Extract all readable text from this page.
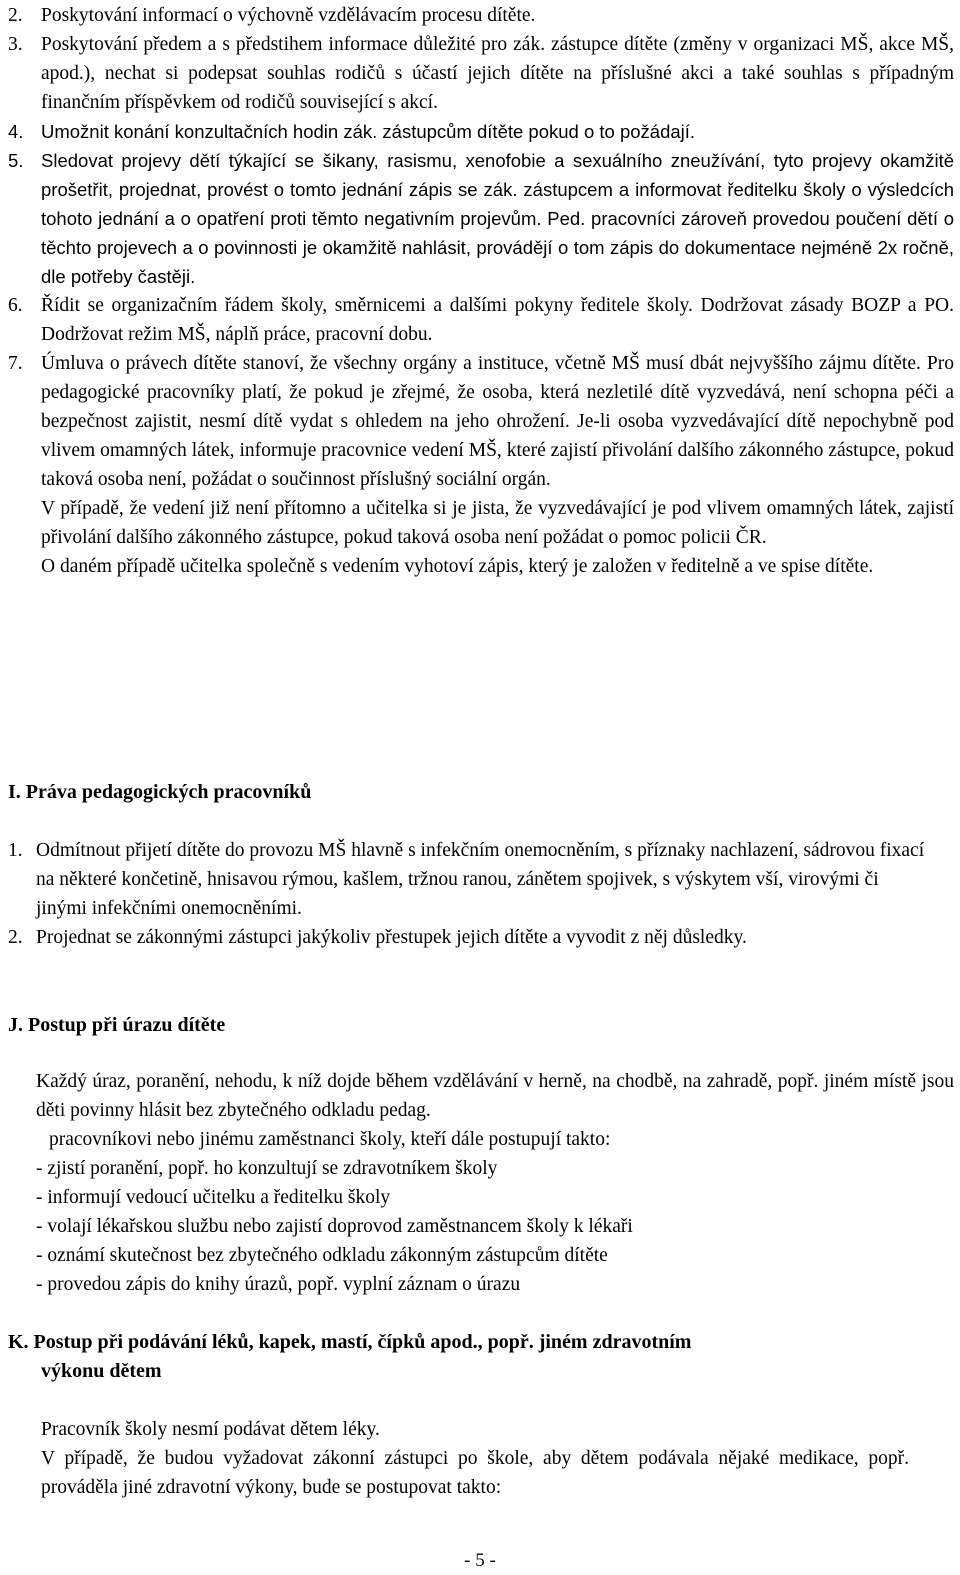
2. Poskytování informací o výchovně vzdělávacím procesu dítěte.
3. Poskytování předem a s předstihem informace důležité pro zák. zástupce dítěte (změny v organizaci MŠ, akce MŠ, apod.), nechat si podepsat souhlas rodičů s účastí jejich dítěte na příslušné akci a také souhlas s případným finančním příspěvkem od rodičů související s akcí.
4. Umožnit konání konzultačních hodin zák. zástupcům dítěte pokud o to požádají.
5. Sledovat projevy dětí týkající se šikany, rasismu, xenofobie a sexuálního zneužívání, tyto projevy okamžitě prošetřit, projednat, provést o tomto jednání zápis se zák. zástupcem a informovat ředitelku školy o výsledcích tohoto jednání a o opatření proti těmto negativním projevům. Ped. pracovníci zároveň provedou poučení dětí o těchto projevech a o povinnosti je okamžitě nahlásit, provádějí o tom zápis do dokumentace nejméně 2x ročně, dle potřeby častěji.
6. Řídit se organizačním řádem školy, směrnicemi a dalšími pokyny ředitele školy. Dodržovat zásady BOZP a PO. Dodržovat režim MŠ, náplň práce, pracovní dobu.
7. Úmluva o právech dítěte stanoví, že všechny orgány a instituce, včetně MŠ musí dbát nejvyššího zájmu dítěte. Pro pedagogické pracovníky platí, že pokud je zřejmé, že osoba, která nezletilé dítě vyzvedává, není schopna péči a bezpečnost zajistit, nesmí dítě vydat s ohledem na jeho ohrožení. Je-li osoba vyzvedávající dítě nepochybně pod vlivem omamných látek, informuje pracovnice vedení MŠ, které zajistí přivolání dalšího zákonného zástupce, pokud taková osoba není, požádat o součinnost příslušný sociální orgán.

V případě, že vedení již není přítomno a učitelka si je jista, že vyzvedávající je pod vlivem omamných látek, zajistí přivolání dalšího zákonného zástupce, pokud taková osoba není požádat o pomoc policii ČR.

O daném případě učitelka společně s vedením vyhotoví zápis, který je založen v ředitelně a ve spise dítěte.

I. Práva pedagogických pracovníků
1. Odmítnout přijetí dítěte do provozu MŠ hlavně s infekčním onemocněním, s příznaky nachlazení, sádrovou fixací na některé končetině, hnisavou rýmou, kašlem, tržnou ranou, zánětem spojivek, s výskytem vší, virovými či jinými infekčními onemocněními.
2. Projednat se zákonnými zástupci jakýkoliv přestupek jejich dítěte a vyvodit z něj důsledky.
J. Postup při úrazu dítěte

Každý úraz, poranění, nehodu, k níž dojde během vzdělávání v herně, na chodbě, na zahradě, popř. jiném místě jsou děti povinny hlásit bez zbytečného odkladu pedag.

pracovníkovi nebo jinému zaměstnanci školy, kteří dále postupují takto:

- zjistí poranění, popř. ho konzultují se zdravotníkem školy

- informují vedoucí učitelku a ředitelku školy

- volají lékařskou službu nebo zajistí doprovod zaměstnancem školy k lékaři

- oznámí skutečnost bez zbytečného odkladu zákonným zástupcům dítěte

- provedou zápis do knihy úrazů, popř. vyplní záznam o úrazu

K. Postup při podávání léků, kapek, mastí, čípků apod., popř. jiném zdravotním
výkonu dětem

Pracovník školy nesmí podávat dětem léky.

V případě, že budou vyžadovat zákonní zástupci po škole, aby dětem podávala nějaké medikace, popř. prováděla jiné zdravotní výkony, bude se postupovat takto:

- 5 -
